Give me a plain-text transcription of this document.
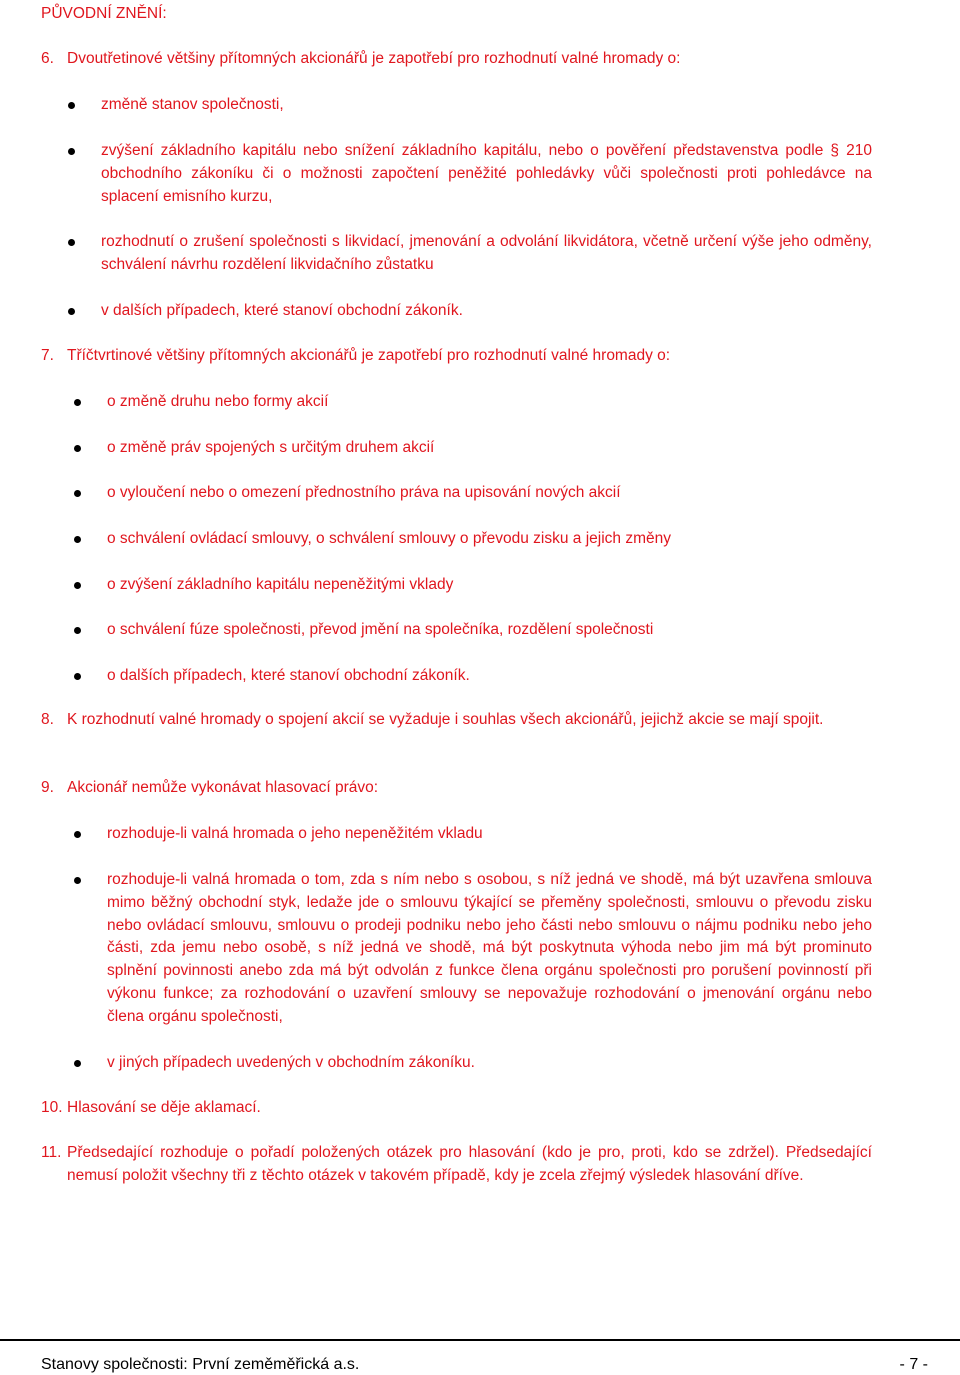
PŮVODNÍ ZNĚNÍ:
6. Dvoutřetinové většiny přítomných akcionářů je zapotřebí pro rozhodnutí valné hromady o:
změně stanov společnosti,
zvýšení základního kapitálu nebo snížení základního kapitálu, nebo o pověření představenstva podle § 210 obchodního zákoníku či o možnosti započtení peněžité pohledávky vůči společnosti proti pohledávce na splacení emisního kurzu,
rozhodnutí o zrušení společnosti s likvidací, jmenování a odvolání likvidátora, včetně určení výše jeho odměny, schválení návrhu rozdělení likvidačního zůstatku
v dalších případech, které stanoví obchodní zákoník.
7. Tříčtvrtinové většiny přítomných akcionářů je zapotřebí pro rozhodnutí valné hromady o:
o změně druhu nebo formy akcií
o změně práv spojených s určitým druhem akcií
o vyloučení nebo o omezení přednostního práva na upisování nových akcií
o schválení ovládací smlouvy, o schválení smlouvy o převodu zisku a jejich změny
o zvýšení základního kapitálu nepeněžitými vklady
o schválení fúze společnosti, převod jmění na společníka, rozdělení společnosti
o dalších případech, které stanoví obchodní zákoník.
8. K rozhodnutí valné hromady o spojení akcií se vyžaduje i souhlas všech akcionářů, jejichž akcie se mají spojit.
9. Akcionář nemůže vykonávat hlasovací právo:
rozhoduje-li valná hromada o jeho nepeněžitém vkladu
rozhoduje-li valná hromada o tom, zda s ním nebo s osobou, s níž jedná ve shodě, má být uzavřena smlouva mimo běžný obchodní styk, ledaže jde o smlouvu týkající se přeměny společnosti, smlouvu o převodu zisku nebo ovládací smlouvu, smlouvu o prodeji podniku nebo jeho části nebo smlouvu o nájmu podniku nebo jeho části, zda jemu nebo osobě, s níž jedná ve shodě, má být poskytnuta výhoda nebo jim má být prominuto splnění povinnosti anebo zda má být odvolán z funkce člena orgánu společnosti pro porušení povinností při výkonu funkce; za rozhodování o uzavření smlouvy se nepovažuje rozhodování o jmenování orgánu nebo člena orgánu společnosti,
v jiných případech uvedených v obchodním zákoníku.
10. Hlasování se děje aklamací.
11. Předsedající rozhoduje o pořadí položených otázek pro hlasování (kdo je pro, proti, kdo se zdržel). Předsedající nemusí položit všechny tři z těchto otázek v takovém případě, kdy je zcela zřejmý výsledek hlasování dříve.
Stanovy společnosti: První zeměměřická a.s.	- 7 -
